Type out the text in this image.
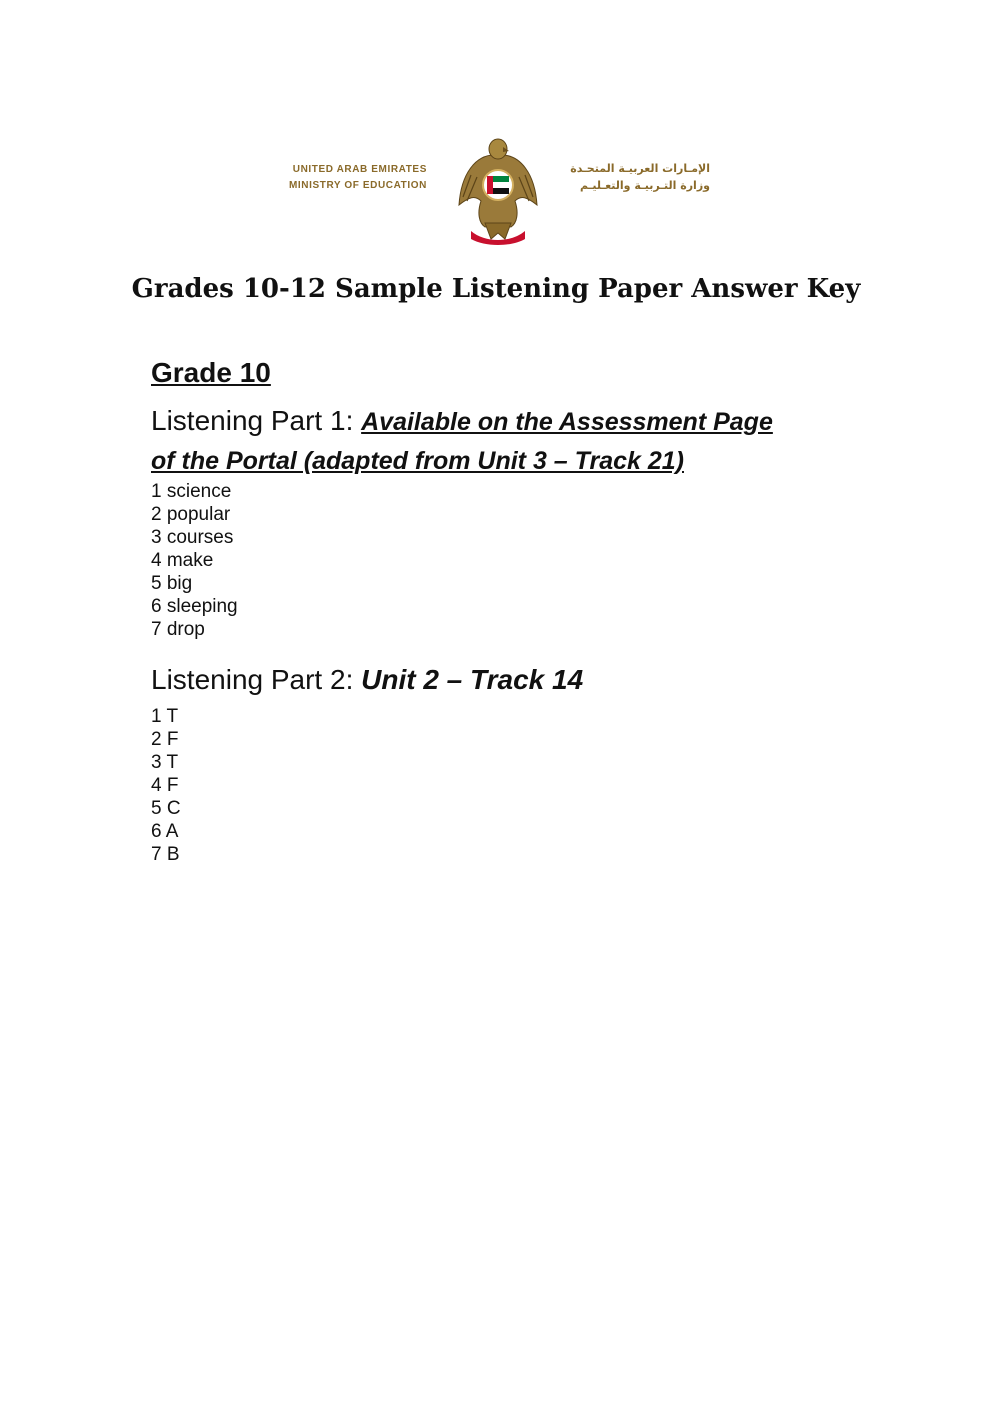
UNITED ARAB EMIRATES
MINISTRY OF EDUCATION
الإمـارات العربيـة المتحـدة
وزارة التـربيـة والتعـليـم
Grades 10-12 Sample Listening Paper Answer Key
Grade 10

Listening Part 1: Available on the Assessment Page
of the Portal (adapted from Unit 3 – Track 21)

1 science
2 popular
3 courses
4 make
5 big
6 sleeping
7 drop

Listening Part 2: Unit 2 – Track 14

1 T
2 F
3 T
4 F
5 C
6 A
7 B
